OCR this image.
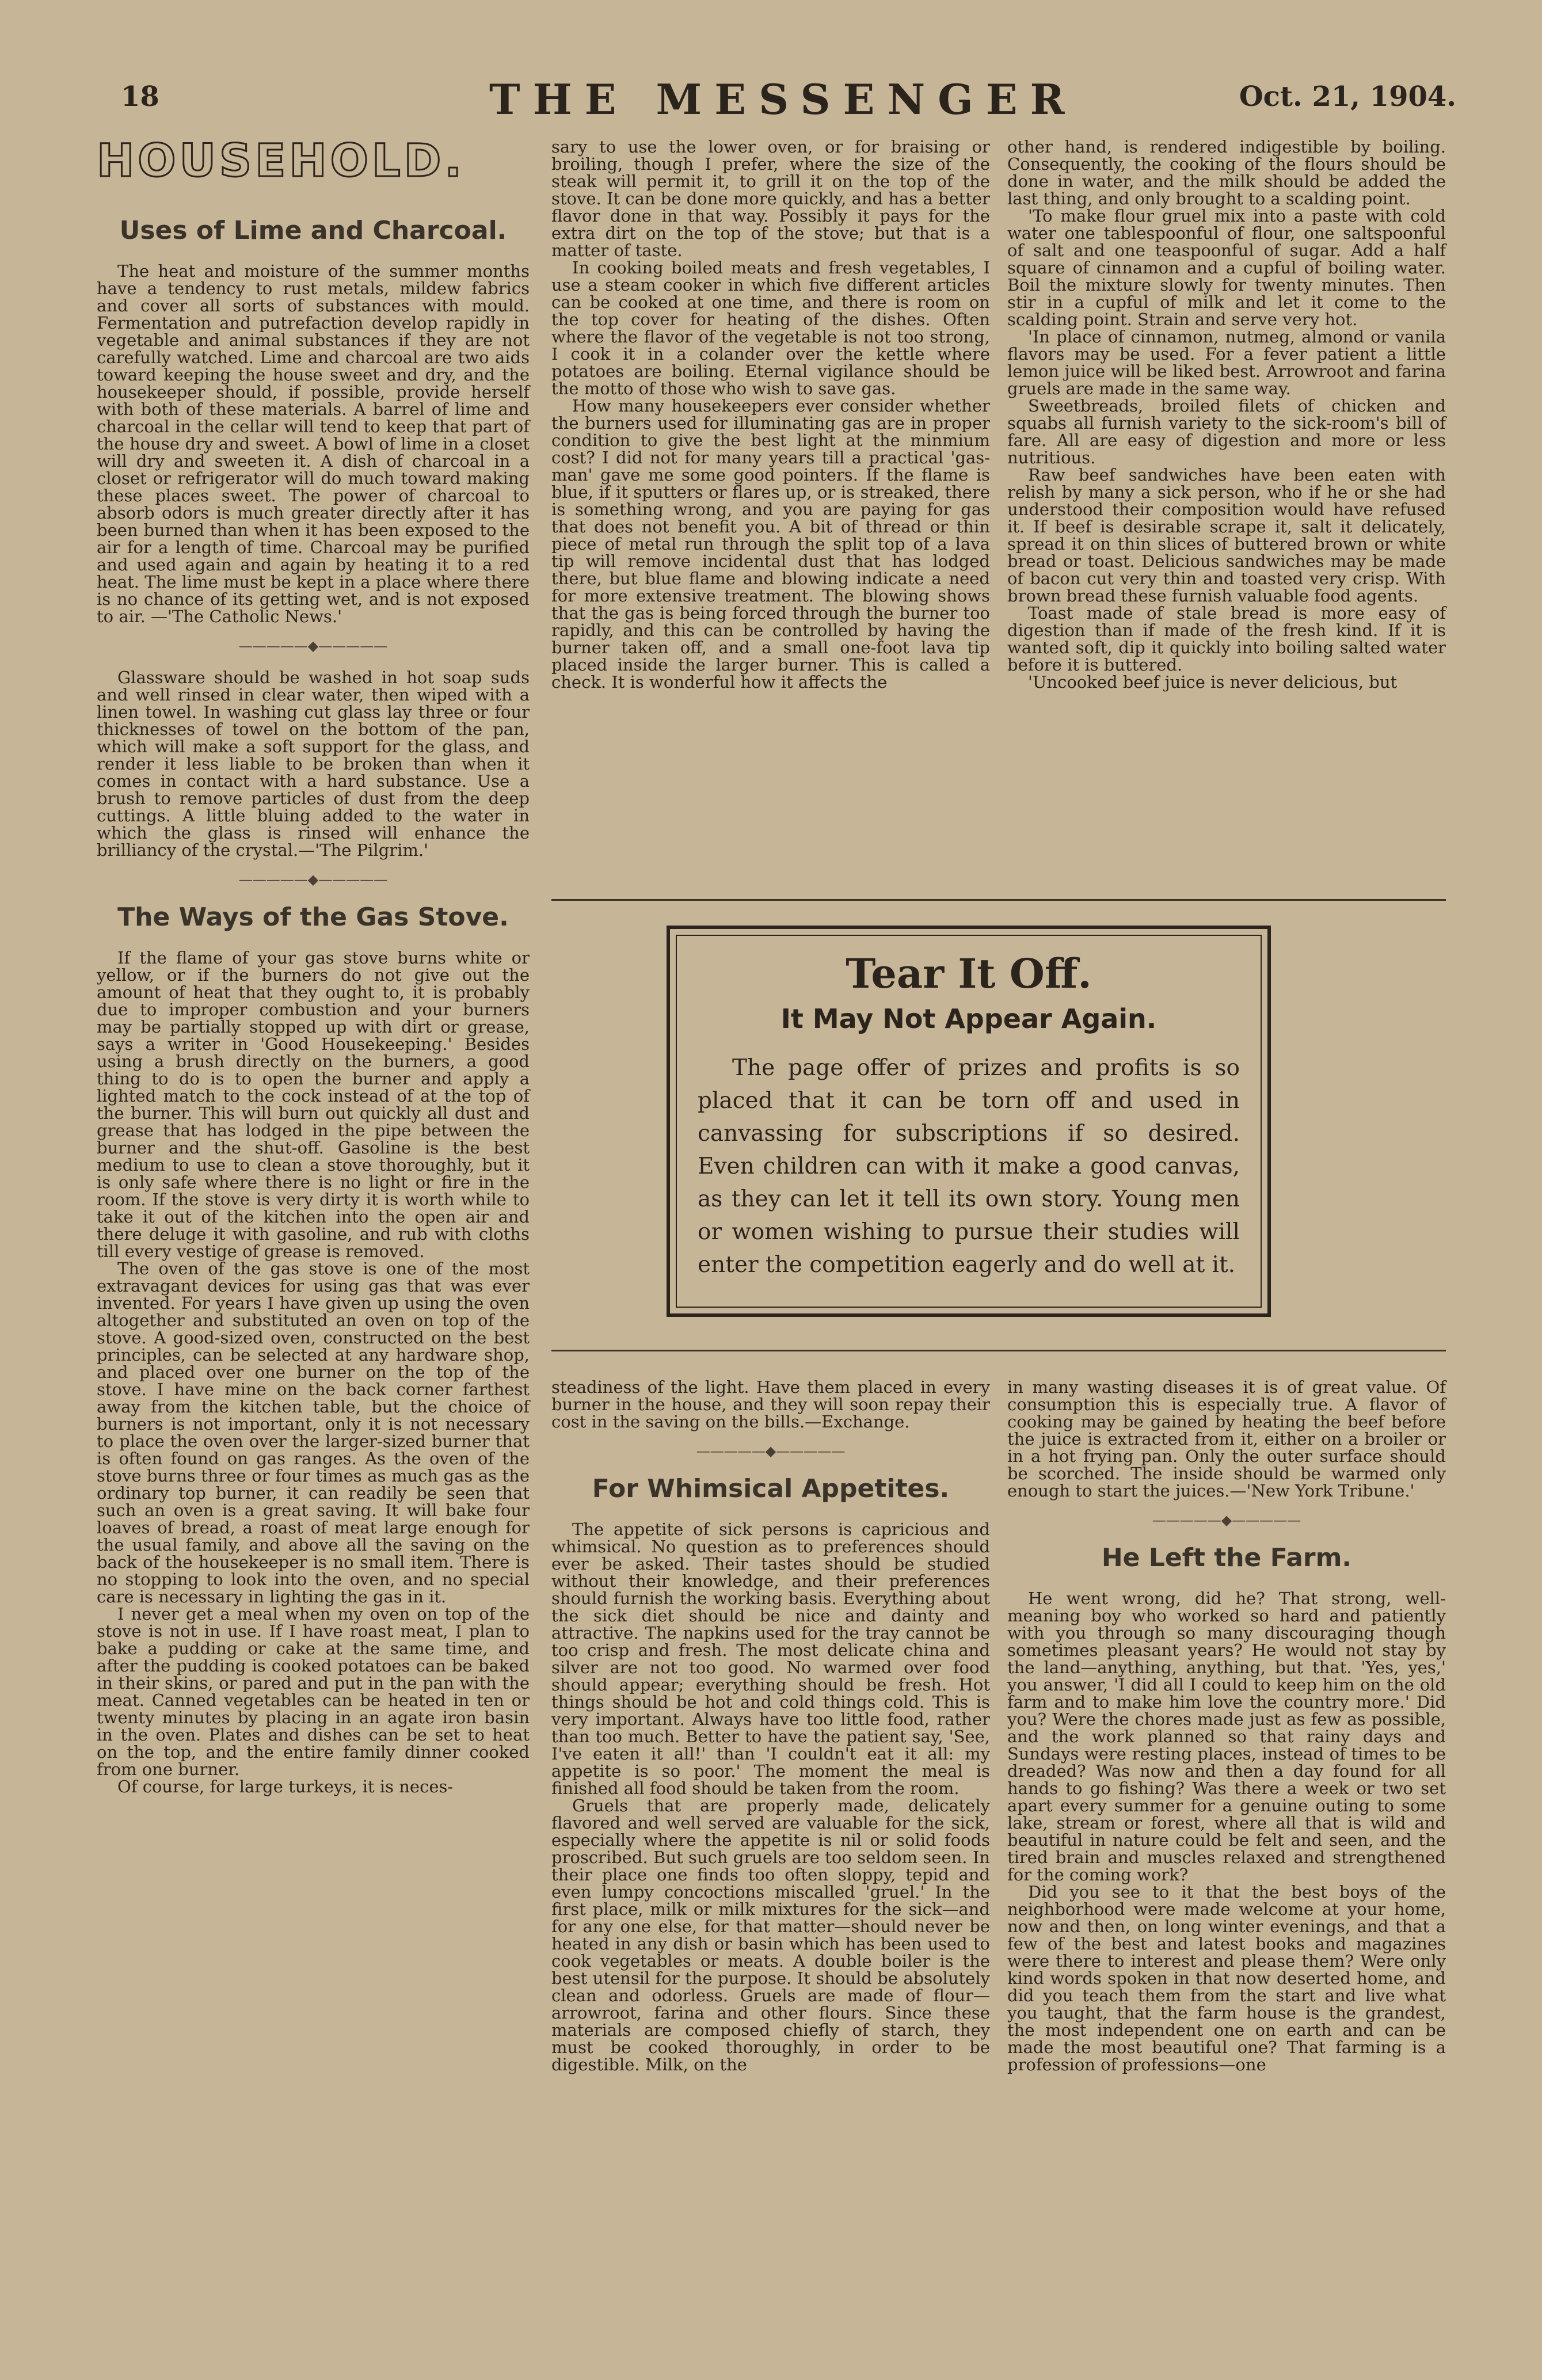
18	THE MESSENGER	Oct. 21, 1904.
HOUSEHOLD.
Uses of Lime and Charcoal.

The heat and moisture of the summer months have a tendency to rust metals, mildew fabrics and cover all sorts of substances with mould. Fermentation and putrefaction develop rapidly in vegetable and animal substances if they are not carefully watched. Lime and charcoal are two aids toward keeping the house sweet and dry, and the housekeeper should, if possible, provide herself with both of these materials. A barrel of lime and charcoal in the cellar will tend to keep that part of the house dry and sweet. A bowl of lime in a closet will dry and sweeten it. A dish of charcoal in a closet or refrigerator will do much toward making these places sweet. The power of charcoal to absorb odors is much greater directly after it has been burned than when it has been exposed to the air for a length of time. Charcoal may be purified and used again and again by heating it to a red heat. The lime must be kept in a place where there is no chance of its getting wet, and is not exposed to air. —'The Catholic News.'

—————◆—————

Glassware should be washed in hot soap suds and well rinsed in clear water, then wiped with a linen towel. In washing cut glass lay three or four thicknesses of towel on the bottom of the pan, which will make a soft support for the glass, and render it less liable to be broken than when it comes in contact with a hard substance. Use a brush to remove particles of dust from the deep cuttings. A little bluing added to the water in which the glass is rinsed will enhance the brilliancy of the crystal.—'The Pilgrim.'

—————◆—————
The Ways of the Gas Stove.

If the flame of your gas stove burns white or yellow, or if the burners do not give out the amount of heat that they ought to, it is probably due to improper combustion and your burners may be partially stopped up with dirt or grease, says a writer in 'Good Housekeeping.' Besides using a brush directly on the burners, a good thing to do is to open the burner and apply a lighted match to the cock instead of at the top of the burner. This will burn out quickly all dust and grease that has lodged in the pipe between the burner and the shut-off. Gasoline is the best medium to use to clean a stove thoroughly, but it is only safe where there is no light or fire in the room. If the stove is very dirty it is worth while to take it out of the kitchen into the open air and there deluge it with gasoline, and rub with cloths till every vestige of grease is removed.

The oven of the gas stove is one of the most extravagant devices for using gas that was ever invented. For years I have given up using the oven altogether and substituted an oven on top of the stove. A good-sized oven, constructed on the best principles, can be selected at any hardware shop, and placed over one burner on the top of the stove. I have mine on the back corner farthest away from the kitchen table, but the choice of burners is not important, only it is not necessary to place the oven over the larger-sized burner that is often found on gas ranges. As the oven of the stove burns three or four times as much gas as the ordinary top burner, it can readily be seen that such an oven is a great saving. It will bake four loaves of bread, a roast of meat large enough for the usual family, and above all the saving on the back of the housekeeper is no small item. There is no stopping to look into the oven, and no special care is necessary in lighting the gas in it.

I never get a meal when my oven on top of the stove is not in use. If I have roast meat, I plan to bake a pudding or cake at the same time, and after the pudding is cooked potatoes can be baked in their skins, or pared and put in the pan with the meat. Canned vegetables can be heated in ten or twenty minutes by placing in an agate iron basin in the oven. Plates and dishes can be set to heat on the top, and the entire family dinner cooked from one burner.

Of course, for large turkeys, it is neces-

sary to use the lower oven, or for braising or broiling, though I prefer, where the size of the steak will permit it, to grill it on the top of the stove. It can be done more quickly, and has a better flavor done in that way. Possibly it pays for the extra dirt on the top of the stove; but that is a matter of taste.

In cooking boiled meats and fresh vegetables, I use a steam cooker in which five different articles can be cooked at one time, and there is room on the top cover for heating of the dishes. Often where the flavor of the vegetable is not too strong, I cook it in a colander over the kettle where potatoes are boiling. Eternal vigilance should be the motto of those who wish to save gas.

How many housekeepers ever consider whether the burners used for illuminating gas are in proper condition to give the best light at the minmium cost? I did not for many years till a practical 'gas-man' gave me some good pointers. If the flame is blue, if it sputters or flares up, or is streaked, there is something wrong, and you are paying for gas that does not benefit you. A bit of thread or thin piece of metal run through the split top of a lava tip will remove incidental dust that has lodged there, but blue flame and blowing indicate a need for more extensive treatment. The blowing shows that the gas is being forced through the burner too rapidly, and this can be controlled by having the burner taken off, and a small one-foot lava tip placed inside the larger burner. This is called a check. It is wonderful how it affects the

other hand, is rendered indigestible by boiling. Consequently, the cooking of the flours should be done in water, and the milk should be added the last thing, and only brought to a scalding point.

'To make flour gruel mix into a paste with cold water one tablespoonful of flour, one saltspoonful of salt and one teaspoonful of sugar. Add a half square of cinnamon and a cupful of boiling water. Boil the mixture slowly for twenty minutes. Then stir in a cupful of milk and let it come to the scalding point. Strain and serve very hot.

'In place of cinnamon, nutmeg, almond or vanila flavors may be used. For a fever patient a little lemon juice will be liked best. Arrowroot and farina gruels are made in the same way.

Sweetbreads, broiled filets of chicken and squabs all furnish variety to the sick-room's bill of fare. All are easy of digestion and more or less nutritious.

Raw beef sandwiches have been eaten with relish by many a sick person, who if he or she had understood their composition would have refused it. If beef is desirable scrape it, salt it delicately, spread it on thin slices of buttered brown or white bread or toast. Delicious sandwiches may be made of bacon cut very thin and toasted very crisp. With brown bread these furnish valuable food agents.

Toast made of stale bread is more easy of digestion than if made of the fresh kind. If it is wanted soft, dip it quickly into boiling salted water before it is buttered.

'Uncooked beef juice is never delicious, but

Tear It Off.
It May Not Appear Again.

The page offer of prizes and profits is so placed that it can be torn off and used in canvassing for subscriptions if so desired. Even children can with it make a good canvas, as they can let it tell its own story. Young men or women wishing to pursue their studies will enter the competition eagerly and do well at it.

steadiness of the light. Have them placed in every burner in the house, and they will soon repay their cost in the saving on the bills.—Exchange.

—————◆—————
For Whimsical Appetites.

The appetite of sick persons is capricious and whimsical. No question as to preferences should ever be asked. Their tastes should be studied without their knowledge, and their preferences should furnish the working basis. Everything about the sick diet should be nice and dainty and attractive. The napkins used for the tray cannot be too crisp and fresh. The most delicate china and silver are not too good. No warmed over food should appear; everything should be fresh. Hot things should be hot and cold things cold. This is very important. Always have too little food, rather than too much. Better to have the patient say, 'See, I've eaten it all!' than 'I couldn't eat it all: my appetite is so poor.' The moment the meal is finished all food should be taken from the room.

Gruels that are properly made, delicately flavored and well served are valuable for the sick, especially where the appetite is nil or solid foods proscribed. But such gruels are too seldom seen. In their place one finds too often sloppy, tepid and even lumpy concoctions miscalled 'gruel.' In the first place, milk or milk mixtures for the sick—and for any one else, for that matter—should never be heated in any dish or basin which has been used to cook vegetables or meats. A double boiler is the best utensil for the purpose. It should be absolutely clean and odorless. Gruels are made of flour—arrowroot, farina and other flours. Since these materials are composed chiefly of starch, they must be cooked thoroughly, in order to be digestible. Milk, on the

in many wasting diseases it is of great value. Of consumption this is especially true. A flavor of cooking may be gained by heating the beef before the juice is extracted from it, either on a broiler or in a hot frying pan. Only the outer surface should be scorched. The inside should be warmed only enough to start the juices.—'New York Tribune.'

—————◆—————
He Left the Farm.

He went wrong, did he? That strong, well-meaning boy who worked so hard and patiently with you through so many discouraging though sometimes pleasant years? He would not stay by the land—anything, anything, but that. 'Yes, yes,' you answer, 'I did all I could to keep him on the old farm and to make him love the country more.' Did you? Were the chores made just as few as possible, and the work planned so that rainy days and Sundays were resting places, instead of times to be dreaded? Was now and then a day found for all hands to go fishing? Was there a week or two set apart every summer for a genuine outing to some lake, stream or forest, where all that is wild and beautiful in nature could be felt and seen, and the tired brain and muscles relaxed and strengthened for the coming work?

Did you see to it that the best boys of the neighborhood were made welcome at your home, now and then, on long winter evenings, and that a few of the best and latest books and magazines were there to interest and please them? Were only kind words spoken in that now deserted home, and did you teach them from the start and live what you taught, that the farm house is the grandest, the most independent one on earth and can be made the most beautiful one? That farming is a profession of professions—one
